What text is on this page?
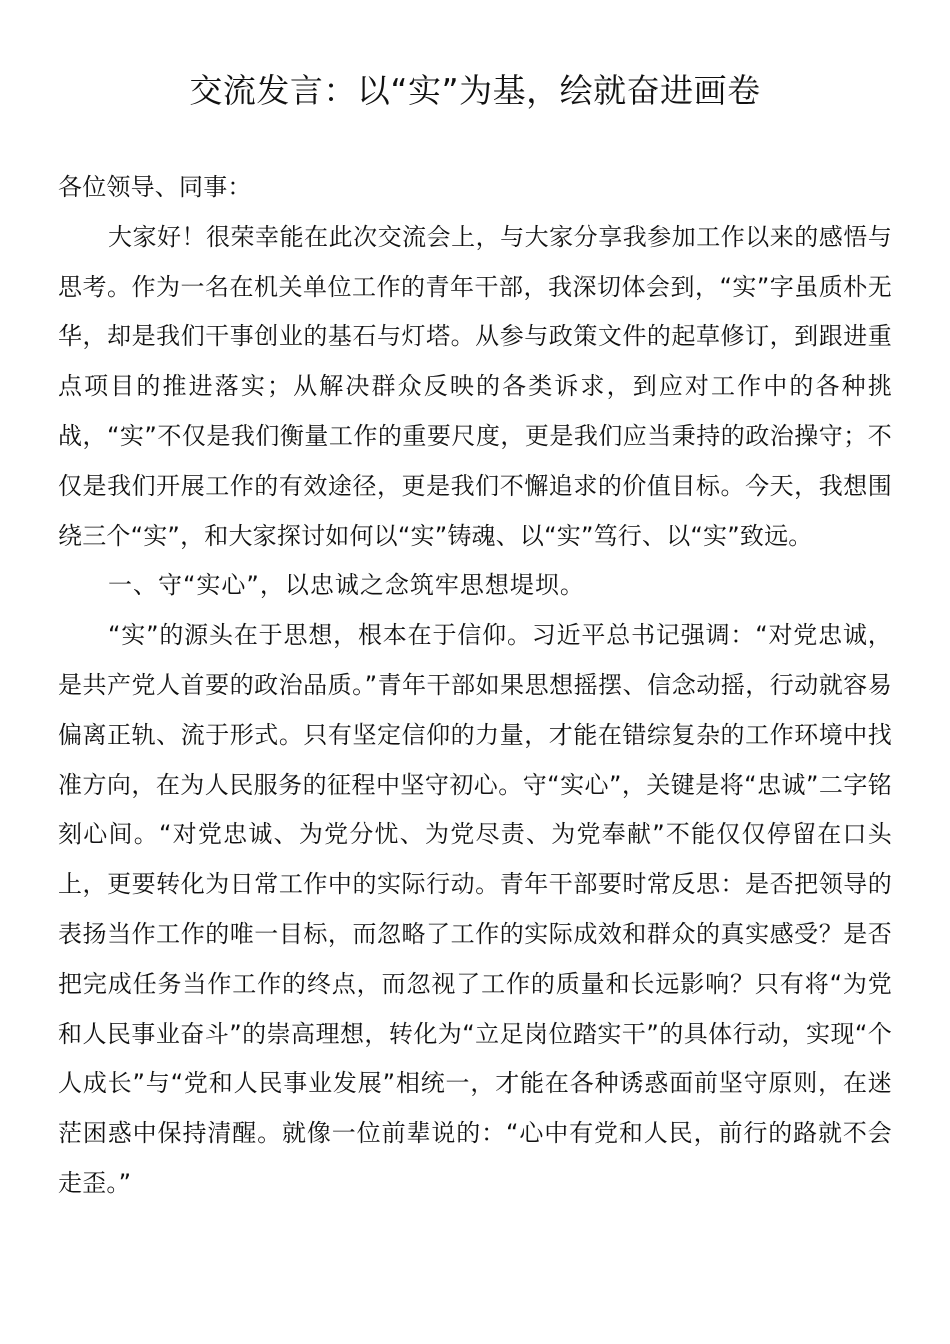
交流发言：以“实”为基，绘就奋进画卷

各位领导、同事：

大家好！很荣幸能在此次交流会上，与大家分享我参加工作以来的感悟与思考。作为一名在机关单位工作的青年干部，我深切体会到，“实”字虽质朴无华，却是我们干事创业的基石与灯塔。从参与政策文件的起草修订，到跟进重点项目的推进落实；从解决群众反映的各类诉求，到应对工作中的各种挑战，“实”不仅是我们衡量工作的重要尺度，更是我们应当秉持的政治操守；不仅是我们开展工作的有效途径，更是我们不懈追求的价值目标。今天，我想围绕三个“实”，和大家探讨如何以“实”铸魂、以“实”笃行、以“实”致远。

一、守“实心”，以忠诚之念筑牢思想堤坝。

“实”的源头在于思想，根本在于信仰。习近平总书记强调：“对党忠诚，是共产党人首要的政治品质。”青年干部如果思想摇摆、信念动摇，行动就容易偏离正轨、流于形式。只有坚定信仰的力量，才能在错综复杂的工作环境中找准方向，在为人民服务的征程中坚守初心。守“实心”，关键是将“忠诚”二字铭刻心间。“对党忠诚、为党分忧、为党尽责、为党奉献”不能仅仅停留在口头上，更要转化为日常工作中的实际行动。青年干部要时常反思：是否把领导的表扬当作工作的唯一目标，而忽略了工作的实际成效和群众的真实感受？是否把完成任务当作工作的终点，而忽视了工作的质量和长远影响？只有将“为党和人民事业奋斗”的崇高理想，转化为“立足岗位踏实干”的具体行动，实现“个人成长”与“党和人民事业发展”相统一，才能在各种诱惑面前坚守原则，在迷茫困惑中保持清醒。就像一位前辈说的：“心中有党和人民，前行的路就不会走歪。”
